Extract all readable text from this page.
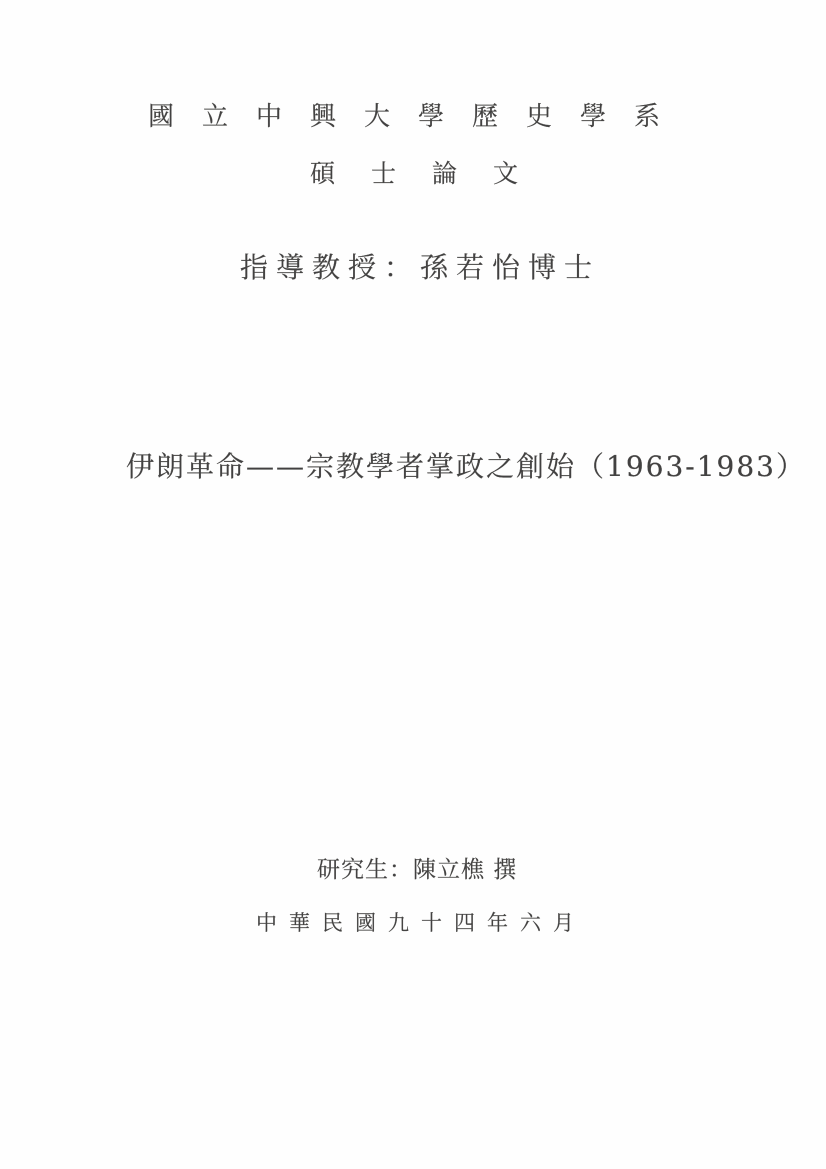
國立中興大學歷史學系
碩士論文
指導教授：孫若怡博士
伊朗革命——宗教學者掌政之創始（1963-1983）
研究生：陳立樵 撰
中華民國九十四年六月
